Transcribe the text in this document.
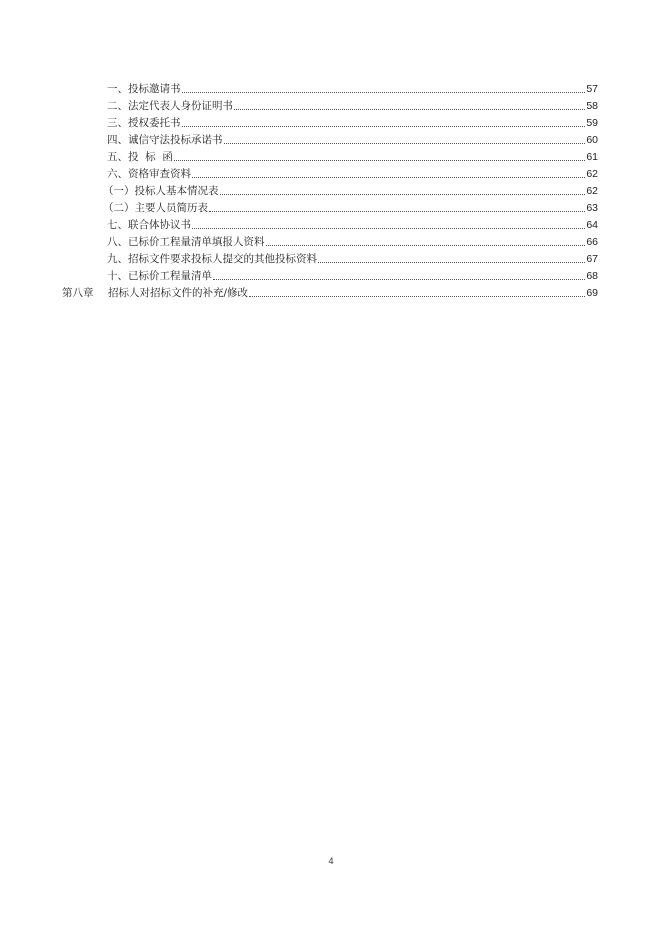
一、投标邀请书	57
二、法定代表人身份证明书	58
三、授权委托书	59
四、诚信守法投标承诺书	60
五、投  标  函	61
六、资格审查资料	62
（一）投标人基本情况表	62
（二）主要人员简历表	63
七、联合体协议书	64
八、已标价工程量清单填报人资料	66
九、招标文件要求投标人提交的其他投标资料	67
十、已标价工程量清单	68
第八章	招标人对招标文件的补充/修改	69
4
